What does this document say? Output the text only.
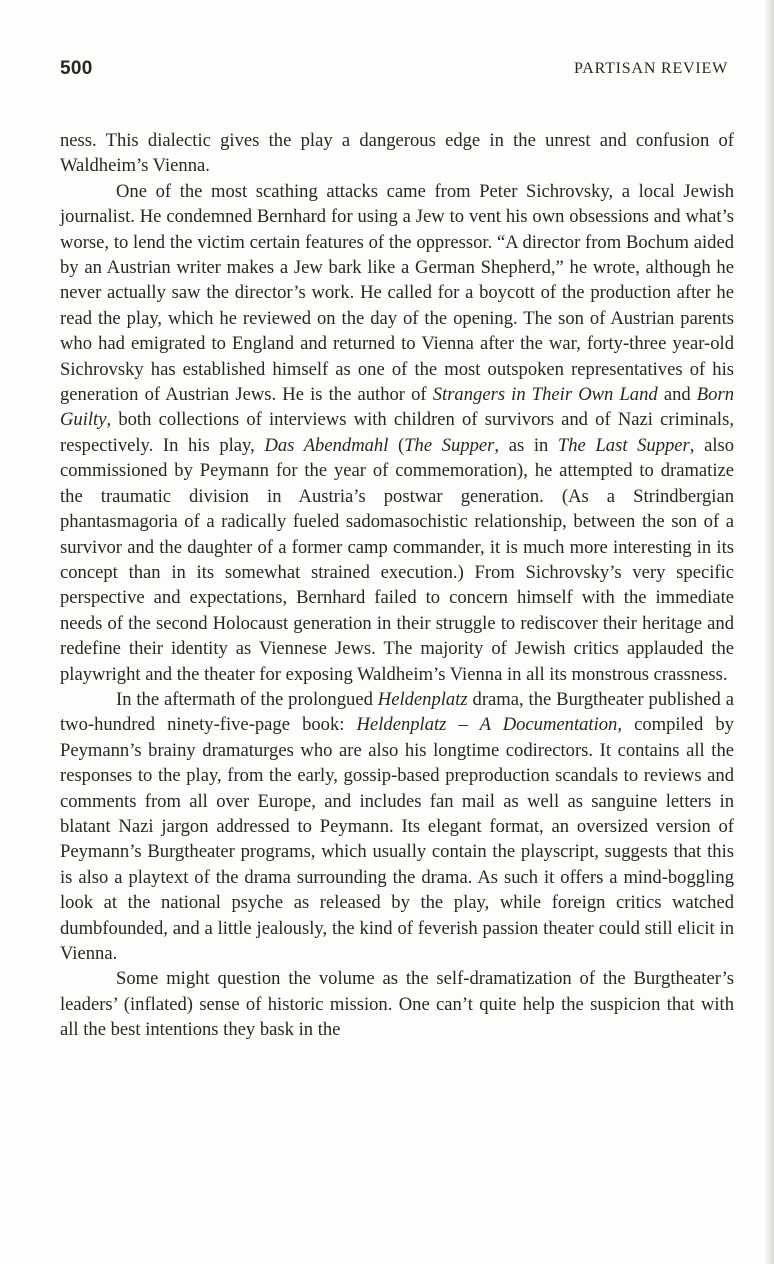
500	PARTISAN REVIEW

ness. This dialectic gives the play a dangerous edge in the unrest and confusion of Waldheim’s Vienna.

One of the most scathing attacks came from Peter Sichrovsky, a local Jewish journalist. He condemned Bernhard for using a Jew to vent his own obsessions and what’s worse, to lend the victim certain features of the oppressor. “A director from Bochum aided by an Austrian writer makes a Jew bark like a German Shepherd,” he wrote, although he never actually saw the director’s work. He called for a boycott of the production after he read the play, which he reviewed on the day of the opening. The son of Austrian parents who had emigrated to England and returned to Vienna after the war, forty-three year-old Sichrovsky has established himself as one of the most outspoken representatives of his generation of Austrian Jews. He is the author of Strangers in Their Own Land and Born Guilty, both collections of interviews with children of survivors and of Nazi criminals, respectively. In his play, Das Abendmahl (The Supper, as in The Last Supper, also commissioned by Peymann for the year of commemoration), he attempted to dramatize the traumatic division in Austria’s postwar generation. (As a Strindbergian phantasmagoria of a radically fueled sadomasochistic relationship, between the son of a survivor and the daughter of a former camp commander, it is much more interesting in its concept than in its somewhat strained execution.) From Sichrovsky’s very specific perspective and expectations, Bernhard failed to concern himself with the immediate needs of the second Holocaust generation in their struggle to rediscover their heritage and redefine their identity as Viennese Jews. The majority of Jewish critics applauded the playwright and the theater for exposing Waldheim’s Vienna in all its monstrous crassness.

In the aftermath of the prolongued Heldenplatz drama, the Burgtheater published a two-hundred ninety-five-page book: Heldenplatz – A Documentation, compiled by Peymann’s brainy dramaturges who are also his longtime codirectors. It contains all the responses to the play, from the early, gossip-based preproduction scandals to reviews and comments from all over Europe, and includes fan mail as well as sanguine letters in blatant Nazi jargon addressed to Peymann. Its elegant format, an oversized version of Peymann’s Burgtheater programs, which usually contain the playscript, suggests that this is also a playtext of the drama surrounding the drama. As such it offers a mind-boggling look at the national psyche as released by the play, while foreign critics watched dumbfounded, and a little jealously, the kind of feverish passion theater could still elicit in Vienna.

Some might question the volume as the self-dramatization of the Burgtheater’s leaders’ (inflated) sense of historic mission. One can’t quite help the suspicion that with all the best intentions they bask in the
